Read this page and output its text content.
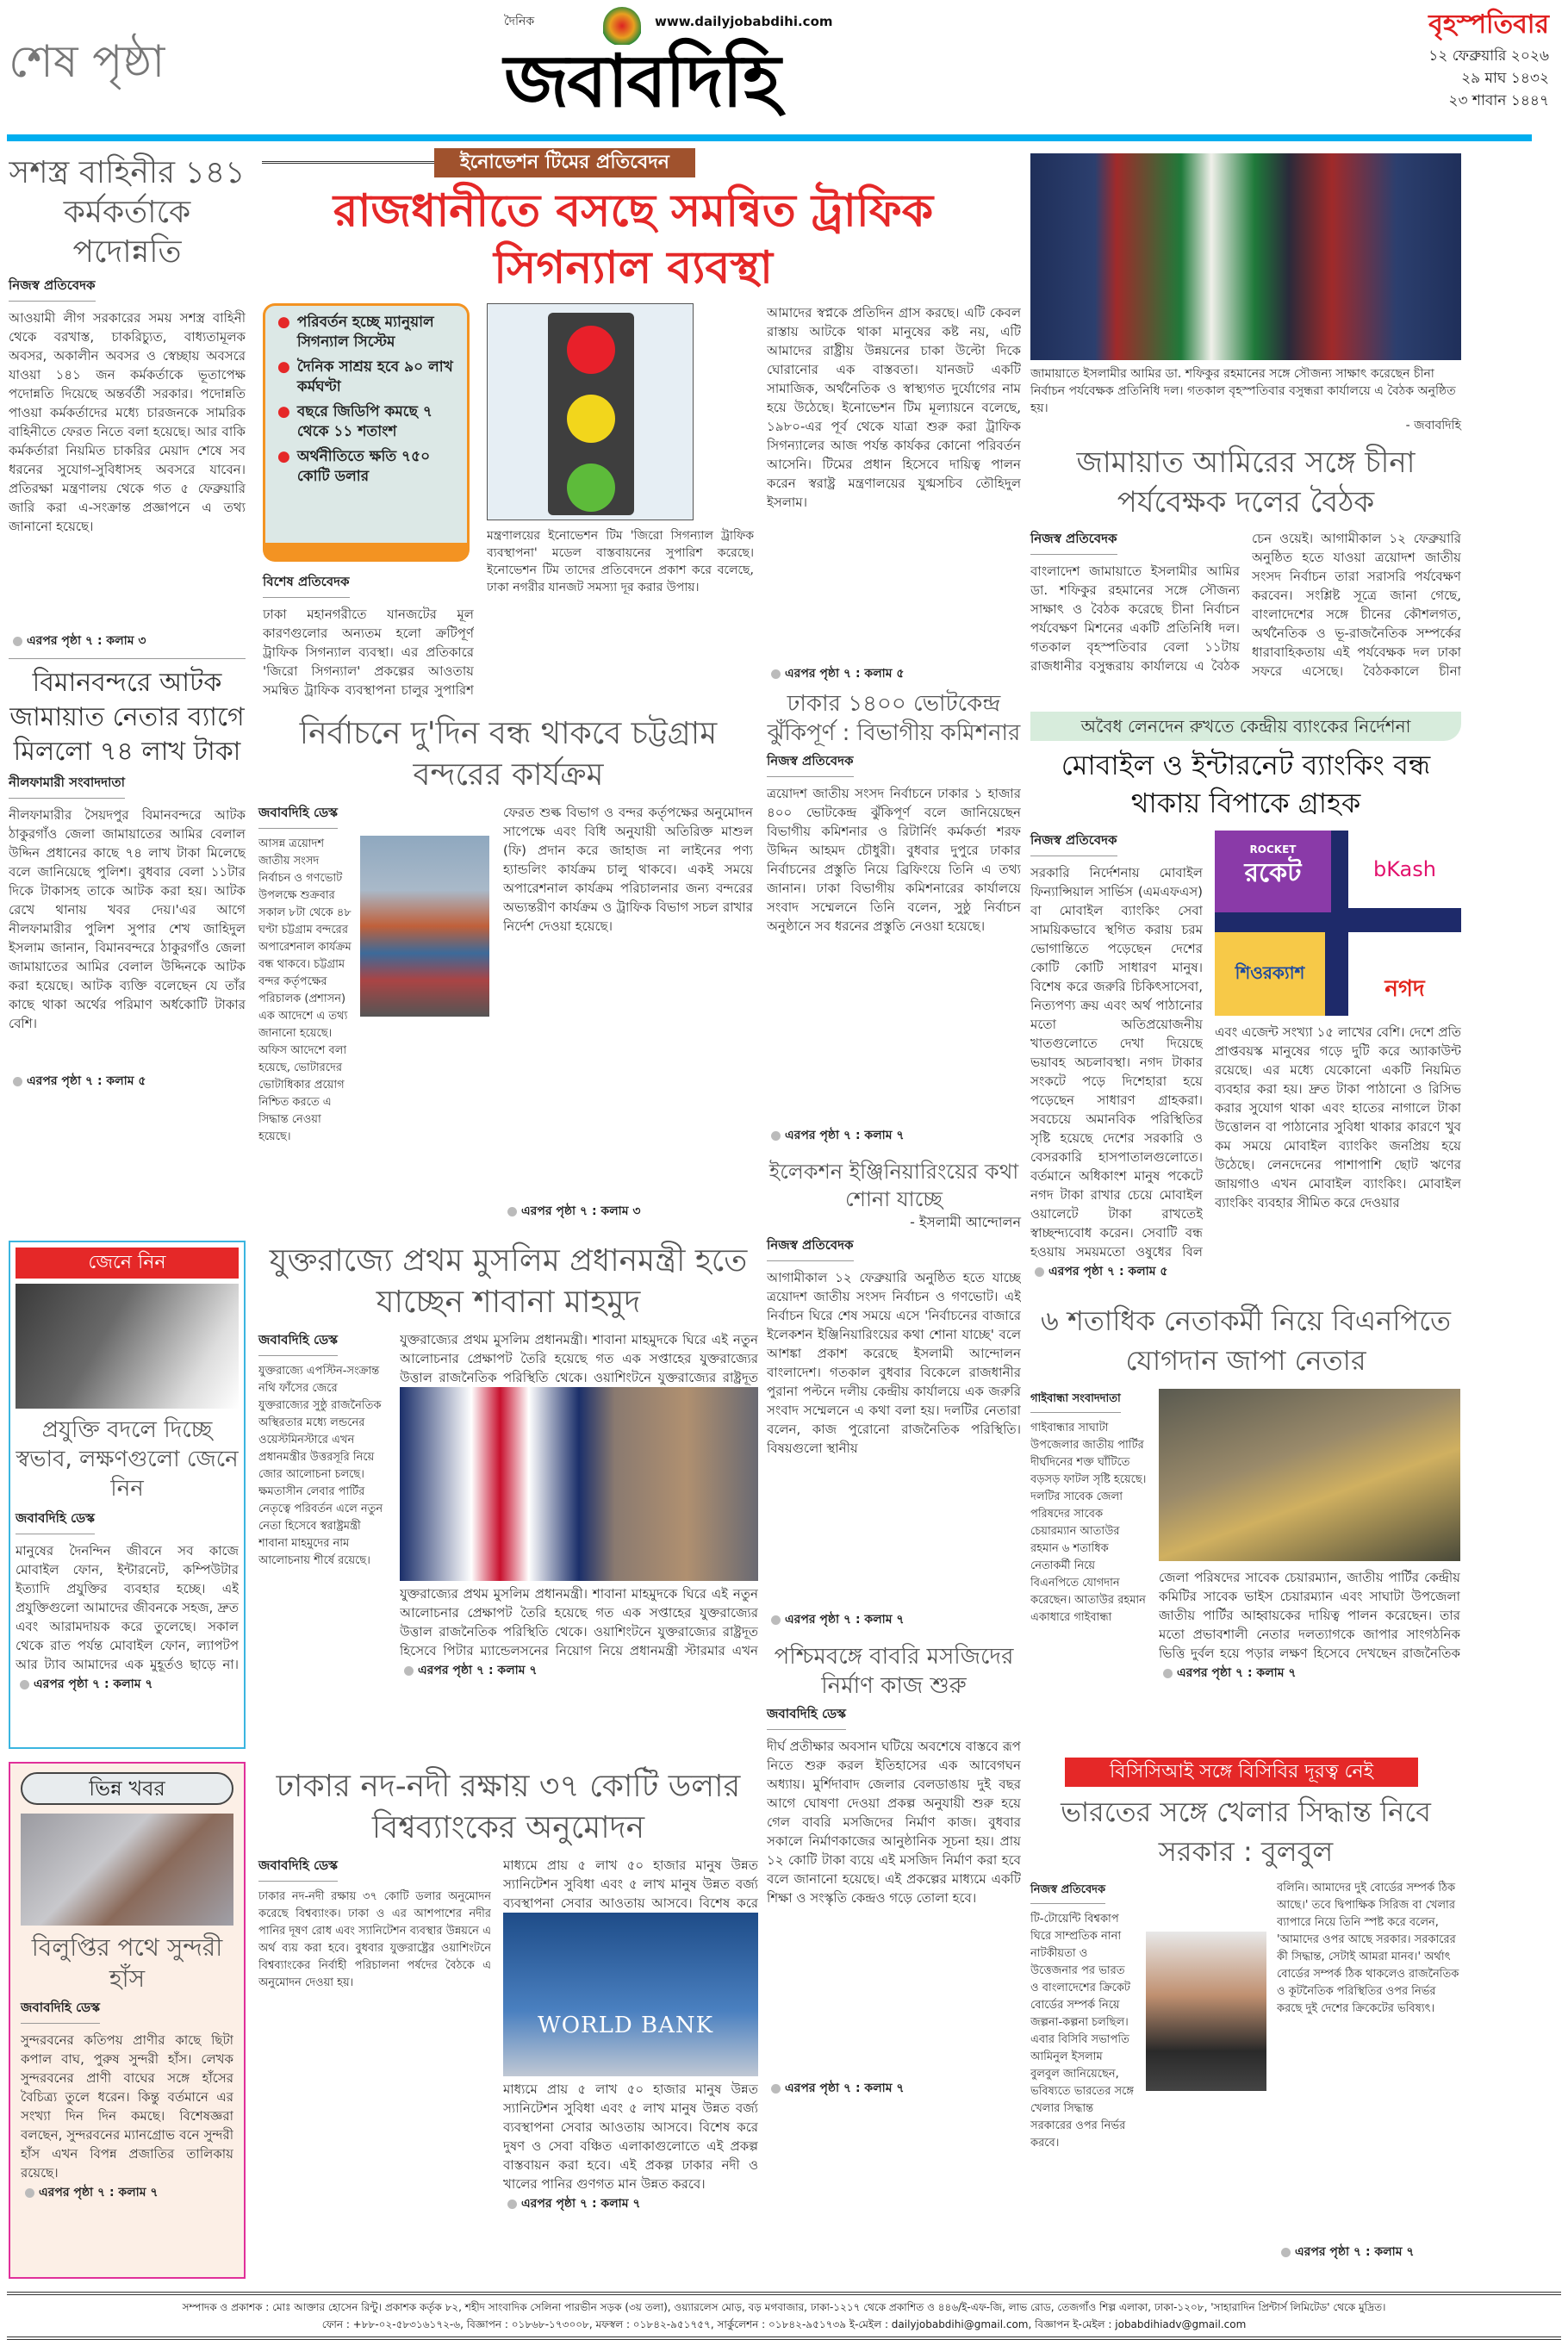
শেষ পৃষ্ঠা
দৈনিক	www.dailyjobabdihi.com
জবাবদিহি
বৃহস্পতিবার
১২ ফেব্রুয়ারি ২০২৬
২৯ মাঘ ১৪৩২
২৩ শাবান ১৪৪৭
সশস্ত্র বাহিনীর ১৪১ কর্মকর্তাকে পদোন্নতি
নিজস্ব প্রতিবেদক
আওয়ামী লীগ সরকারের সময় সশস্ত্র বাহিনী থেকে বরখাস্ত, চাকরিচ্যুত, বাধ্যতামূলক অবসর, অকালীন অবসর ও স্বেচ্ছায় অবসরে যাওয়া ১৪১ জন কর্মকর্তাকে ভূতাপেক্ষ পদোন্নতি দিয়েছে অন্তর্বর্তী সরকার। পদোন্নতি পাওয়া কর্মকর্তাদের মধ্যে চারজনকে সামরিক বাহিনীতে ফেরত নিতে বলা হয়েছে। আর বাকি কর্মকর্তারা নিয়মিত চাকরির মেয়াদ শেষে সব ধরনের সুযোগ-সুবিধাসহ অবসরে যাবেন। প্রতিরক্ষা মন্ত্রণালয় থেকে গত ৫ ফেব্রুয়ারি জারি করা এ-সংক্রান্ত প্রজ্ঞাপনে এ তথ্য জানানো হয়েছে।
এরপর পৃষ্ঠা ৭ : কলাম ৩
বিমানবন্দরে আটক জামায়াত নেতার ব্যাগে মিললো ৭৪ লাখ টাকা
নীলফামারী সংবাদদাতা
নীলফামারীর সৈয়দপুর বিমানবন্দরে আটক ঠাকুরগাঁও জেলা জামায়াতের আমির বেলাল উদ্দিন প্রধানের কাছে ৭৪ লাখ টাকা মিলেছে বলে জানিয়েছে পুলিশ। বুধবার বেলা ১১টার দিকে টাকাসহ তাকে আটক করা হয়। আটক রেখে থানায় খবর দেয়।'এর আগে নীলফামারীর পুলিশ সুপার শেখ জাহিদুল ইসলাম জানান, বিমানবন্দরে ঠাকুরগাঁও জেলা জামায়াতের আমির বেলাল উদ্দিনকে আটক করা হয়েছে। আটক ব্যক্তি বলেছেন যে তাঁর কাছে থাকা অর্থের পরিমাণ অর্ধকোটি টাকার বেশি।
এরপর পৃষ্ঠা ৭ : কলাম ৫
জেনে নিন
প্রযুক্তি বদলে দিচ্ছে স্বভাব, লক্ষণগুলো জেনে নিন
জবাবদিহি ডেস্ক
মানুষের দৈনন্দিন জীবনে সব কাজে মোবাইল ফোন, ইন্টারনেট, কম্পিউটার ইত্যাদি প্রযুক্তির ব্যবহার হচ্ছে। এই প্রযুক্তিগুলো আমাদের জীবনকে সহজ, দ্রুত এবং আরামদায়ক করে তুলেছে। সকাল থেকে রাত পর্যন্ত মোবাইল ফোন, ল্যাপটপ আর ট্যাব আমাদের এক মুহূর্তও ছাড়ে না।
এরপর পৃষ্ঠা ৭ : কলাম ৭
ভিন্ন খবর
বিলুপ্তির পথে সুন্দরী হাঁস
জবাবদিহি ডেস্ক
সুন্দরবনের কতিপয় প্রাণীর কাছে ছিটা কপাল বাঘ, পুরুষ সুন্দরী হাঁস। লেখক সুন্দরবনের প্রাণী বাঘের সঙ্গে হাঁসের বৈচিত্র্য তুলে ধরেন। কিন্তু বর্তমানে এর সংখ্যা দিন দিন কমছে। বিশেষজ্ঞরা বলছেন, সুন্দরবনের ম্যানগ্রোভ বনে সুন্দরী হাঁস এখন বিপন্ন প্রজাতির তালিকায় রয়েছে।
এরপর পৃষ্ঠা ৭ : কলাম ৭
ইনোভেশন টিমের প্রতিবেদন
রাজধানীতে বসছে সমন্বিত ট্রাফিক সিগন্যাল ব্যবস্থা
● পরিবর্তন হচ্ছে ম্যানুয়াল সিগন্যাল সিস্টেম
● দৈনিক সাশ্রয় হবে ৯০ লাখ কর্মঘণ্টা
● বছরে জিডিপি কমছে ৭ থেকে ১১ শতাংশ
● অর্থনীতিতে ক্ষতি ৭৫০ কোটি ডলার
বিশেষ প্রতিবেদক
ঢাকা মহানগরীতে যানজটের মূল কারণগুলোর অন্যতম হলো ক্রটিপূর্ণ ট্রাফিক সিগন্যাল ব্যবস্থা। এর প্রতিকারে 'জিরো সিগন্যাল' প্রকল্পের আওতায় সমন্বিত ট্রাফিক ব্যবস্থাপনা চালুর সুপারিশ
মন্ত্রণালয়ের ইনোভেশন টিম 'জিরো সিগন্যাল ট্রাফিক ব্যবস্থাপনা' মডেল বাস্তবায়নের সুপারিশ করেছে। ইনোভেশন টিম তাদের প্রতিবেদনে প্রকাশ করে বলেছে, ঢাকা নগরীর যানজট সমস্যা দূর করার উপায়।
আমাদের স্বপ্নকে প্রতিদিন গ্রাস করছে। এটি কেবল রাস্তায় আটকে থাকা মানুষের কষ্ট নয়, এটি আমাদের রাষ্ট্রীয় উন্নয়নের চাকা উল্টো দিকে ঘোরানোর এক বাস্তবতা। যানজট একটি সামাজিক, অর্থনৈতিক ও স্বাস্থ্যগত দুর্যোগের নাম হয়ে উঠেছে। ইনোভেশন টিম মূল্যায়নে বলেছে, ১৯৮০-এর পূর্ব থেকে যাত্রা শুরু করা ট্রাফিক সিগন্যালের আজ পর্যন্ত কার্যকর কোনো পরিবর্তন আসেনি। টিমের প্রধান হিসেবে দায়িত্ব পালন করেন স্বরাষ্ট্র মন্ত্রণালয়ের যুগ্মসচিব তৌহিদুল ইসলাম।
এরপর পৃষ্ঠা ৭ : কলাম ৫
নির্বাচনে দু'দিন বন্ধ থাকবে চট্টগ্রাম বন্দরের কার্যক্রম
জবাবদিহি ডেস্ক
আসন্ন ত্রয়োদশ জাতীয় সংসদ নির্বাচন ও গণভোট উপলক্ষে শুক্রবার সকাল ৮টা থেকে ৪৮ ঘণ্টা চট্টগ্রাম বন্দরের অপারেশনাল কার্যক্রম বন্ধ থাকবে। চট্টগ্রাম বন্দর কর্তৃপক্ষের পরিচালক (প্রশাসন) এক আদেশে এ তথ্য জানানো হয়েছে। অফিস আদেশে বলা হয়েছে, ভোটারদের ভোটাধিকার প্রয়োগ নিশ্চিত করতে এ সিদ্ধান্ত নেওয়া হয়েছে।
ফেরত শুল্ক বিভাগ ও বন্দর কর্তৃপক্ষের অনুমোদন সাপেক্ষে এবং বিধি অনুযায়ী অতিরিক্ত মাশুল (ফি) প্রদান করে জাহাজ না লাইনের পণ্য হ্যান্ডলিং কার্যক্রম চালু থাকবে। একই সময়ে অপারেশনাল কার্যক্রম পরিচালনার জন্য বন্দরের অভ্যন্তরীণ কার্যক্রম ও ট্রাফিক বিভাগ সচল রাখার নির্দেশ দেওয়া হয়েছে।
এরপর পৃষ্ঠা ৭ : কলাম ৩
যুক্তরাজ্যে প্রথম মুসলিম প্রধানমন্ত্রী হতে যাচ্ছেন শাবানা মাহমুদ
জবাবদিহি ডেস্ক
যুক্তরাজ্যে এপস্টিন-সংক্রান্ত নথি ফাঁসের জেরে যুক্তরাজ্যের সুষ্ঠু রাজনৈতিক অস্থিরতার মধ্যে লন্ডনের ওয়েস্টমিনস্টারে এখন প্রধানমন্ত্রীর উত্তরসূরি নিয়ে জোর আলোচনা চলছে। ক্ষমতাসীন লেবার পার্টির নেতৃত্বে পরিবর্তন এলে নতুন নেতা হিসেবে স্বরাষ্ট্রমন্ত্রী শাবানা মাহমুদের নাম আলোচনায় শীর্ষে রয়েছে।
যুক্তরাজ্যের প্রথম মুসলিম প্রধানমন্ত্রী। শাবানা মাহমুদকে ঘিরে এই নতুন আলোচনার প্রেক্ষাপট তৈরি হয়েছে গত এক সপ্তাহের যুক্তরাজ্যের উত্তাল রাজনৈতিক পরিস্থিতি থেকে। ওয়াশিংটনে যুক্তরাজ্যের রাষ্ট্রদূত
যুক্তরাজ্যের প্রথম মুসলিম প্রধানমন্ত্রী। শাবানা মাহমুদকে ঘিরে এই নতুন আলোচনার প্রেক্ষাপট তৈরি হয়েছে গত এক সপ্তাহের যুক্তরাজ্যের উত্তাল রাজনৈতিক পরিস্থিতি থেকে। ওয়াশিংটনে যুক্তরাজ্যের রাষ্ট্রদূত হিসেবে পিটার ম্যান্ডেলসনের নিয়োগ নিয়ে প্রধানমন্ত্রী স্টারমার এখন
এরপর পৃষ্ঠা ৭ : কলাম ৭
ঢাকার নদ-নদী রক্ষায় ৩৭ কোটি ডলার বিশ্বব্যাংকের অনুমোদন
জবাবদিহি ডেস্ক
ঢাকার নদ-নদী রক্ষায় ৩৭ কোটি ডলার অনুমোদন করেছে বিশ্বব্যাংক। ঢাকা ও এর আশপাশের নদীর পানির দূষণ রোধ এবং স্যানিটেশন ব্যবস্থার উন্নয়নে এ অর্থ ব্যয় করা হবে। বুধবার যুক্তরাষ্ট্রের ওয়াশিংটনে বিশ্বব্যাংকের নির্বাহী পরিচালনা পর্ষদের বৈঠকে এ অনুমোদন দেওয়া হয়।
মাধ্যমে প্রায় ৫ লাখ ৫০ হাজার মানুষ উন্নত স্যানিটেশন সুবিধা এবং ৫ লাখ মানুষ উন্নত বর্জ্য ব্যবস্থাপনা সেবার আওতায় আসবে। বিশেষ করে
WORLD BANK
মাধ্যমে প্রায় ৫ লাখ ৫০ হাজার মানুষ উন্নত স্যানিটেশন সুবিধা এবং ৫ লাখ মানুষ উন্নত বর্জ্য ব্যবস্থাপনা সেবার আওতায় আসবে। বিশেষ করে দুষণ ও সেবা বঞ্চিত এলাকাগুলোতে এই প্রকল্প বাস্তবায়ন করা হবে। এই প্রকল্প ঢাকার নদী ও খালের পানির গুণগত মান উন্নত করবে।
এরপর পৃষ্ঠা ৭ : কলাম ৭
ঢাকার ১৪০০ ভোটকেন্দ্র ঝুঁকিপূর্ণ : বিভাগীয় কমিশনার
নিজস্ব প্রতিবেদক
ত্রয়োদশ জাতীয় সংসদ নির্বাচনে ঢাকার ১ হাজার ৪০০ ভোটকেন্দ্র ঝুঁকিপূর্ণ বলে জানিয়েছেন বিভাগীয় কমিশনার ও রিটার্নিং কর্মকর্তা শরফ উদ্দিন আহমদ চৌধুরী। বুধবার দুপুরে ঢাকার নির্বাচনের প্রস্তুতি নিয়ে ব্রিফিংয়ে তিনি এ তথ্য জানান। ঢাকা বিভাগীয় কমিশনারের কার্যালয়ে সংবাদ সম্মেলনে তিনি বলেন, সুষ্ঠু নির্বাচন অনুষ্ঠানে সব ধরনের প্রস্তুতি নেওয়া হয়েছে।
এরপর পৃষ্ঠা ৭ : কলাম ৭
ইলেকশন ইঞ্জিনিয়ারিংয়ের কথা শোনা যাচ্ছে
- ইসলামী আন্দোলন
নিজস্ব প্রতিবেদক
আগামীকাল ১২ ফেব্রুয়ারি অনুষ্ঠিত হতে যাচ্ছে ত্রয়োদশ জাতীয় সংসদ নির্বাচন ও গণভোট। এই নির্বাচন ঘিরে শেষ সময়ে এসে 'নির্বাচনের বাজারে ইলেকশন ইঞ্জিনিয়ারিংয়ের কথা শোনা যাচ্ছে' বলে আশঙ্কা প্রকাশ করেছে ইসলামী আন্দোলন বাংলাদেশ। গতকাল বুধবার বিকেলে রাজধানীর পুরানা পল্টনে দলীয় কেন্দ্রীয় কার্যালয়ে এক জরুরি সংবাদ সম্মেলনে এ কথা বলা হয়। দলটির নেতারা বলেন, কাজ পুরোনো রাজনৈতিক পরিস্থিতি। বিষয়গুলো স্থানীয়
এরপর পৃষ্ঠা ৭ : কলাম ৭
পশ্চিমবঙ্গে বাবরি মসজিদের নির্মাণ কাজ শুরু
জবাবদিহি ডেস্ক
দীর্ঘ প্রতীক্ষার অবসান ঘটিয়ে অবশেষে বাস্তবে রূপ নিতে শুরু করল ইতিহাসের এক আবেগঘন অধ্যায়। মুর্শিদাবাদ জেলার বেলডাঙায় দুই বছর আগে ঘোষণা দেওয়া প্রকল্প অনুযায়ী শুরু হয়ে গেল বাবরি মসজিদের নির্মাণ কাজ। বুধবার সকালে নির্মাণকাজের আনুষ্ঠানিক সূচনা হয়। প্রায় ১২ কোটি টাকা ব্যয়ে এই মসজিদ নির্মাণ করা হবে বলে জানানো হয়েছে। এই প্রকল্পের মাধ্যমে একটি শিক্ষা ও সংস্কৃতি কেন্দ্রও গড়ে তোলা হবে।
এরপর পৃষ্ঠা ৭ : কলাম ৭
জামায়াতে ইসলামীর আমির ডা. শফিকুর রহমানের সঙ্গে সৌজন্য সাক্ষাৎ করেছেন চীনা নির্বাচন পর্যবেক্ষক প্রতিনিধি দল। গতকাল বৃহস্পতিবার বসুন্ধরা কার্যালয়ে এ বৈঠক অনুষ্ঠিত হয়।
- জবাবদিহি
জামায়াত আমিরের সঙ্গে চীনা পর্যবেক্ষক দলের বৈঠক
নিজস্ব প্রতিবেদক
বাংলাদেশ জামায়াতে ইসলামীর আমির ডা. শফিকুর রহমানের সঙ্গে সৌজন্য সাক্ষাৎ ও বৈঠক করেছে চীনা নির্বাচন পর্যবেক্ষণ মিশনের একটি প্রতিনিধি দল। গতকাল বৃহস্পতিবার বেলা ১১টায় রাজধানীর বসুন্ধরায় কার্যালয়ে এ বৈঠক
চেন ওয়েই। আগামীকাল ১২ ফেব্রুয়ারি অনুষ্ঠিত হতে যাওয়া ত্রয়োদশ জাতীয় সংসদ নির্বাচন তারা সরাসরি পর্যবেক্ষণ করবেন। সংশ্লিষ্ট সূত্রে জানা গেছে, বাংলাদেশের সঙ্গে চীনের কৌশলগত, অর্থনৈতিক ও ভূ-রাজনৈতিক সম্পর্কের ধারাবাহিকতায় এই পর্যবেক্ষক দল ঢাকা সফরে এসেছে। বৈঠককালে চীনা
অবৈধ লেনদেন রুখতে কেন্দ্রীয় ব্যাংকের নির্দেশনা
মোবাইল ও ইন্টারনেট ব্যাংকিং বন্ধ থাকায় বিপাকে গ্রাহক
নিজস্ব প্রতিবেদক
সরকারি নির্দেশনায় মোবাইল ফিন্যান্সিয়াল সার্ভিস (এমএফএস) বা মোবাইল ব্যাংকিং সেবা সাময়িকভাবে স্থগিত করায় চরম ভোগান্তিতে পড়েছেন দেশের কোটি কোটি সাধারণ মানুষ। বিশেষ করে জরুরি চিকিৎসাসেবা, নিত্যপণ্য ক্রয় এবং অর্থ পাঠানোর মতো অতিপ্রয়োজনীয় খাতগুলোতে দেখা দিয়েছে ভয়াবহ অচলাবস্থা। নগদ টাকার সংকটে পড়ে দিশেহারা হয়ে পড়েছেন সাধারণ গ্রাহকরা। সবচেয়ে অমানবিক পরিস্থিতির সৃষ্টি হয়েছে দেশের সরকারি ও বেসরকারি হাসপাতালগুলোতে। বর্তমানে অধিকাংশ মানুষ পকেটে নগদ টাকা রাখার চেয়ে মোবাইল ওয়ালেটে টাকা রাখতেই স্বাচ্ছন্দ্যবোধ করেন। সেবাটি বন্ধ হওয়ায় সময়মতো ওষুধের বিল
এরপর পৃষ্ঠা ৭ : কলাম ৫
ROCKET
রকেট	bKash
শিওরক্যাশ
নগদ
এবং এজেন্ট সংখ্যা ১৫ লাখের বেশি। দেশে প্রতি প্রাপ্তবয়স্ক মানুষের গড়ে দুটি করে অ্যাকাউন্ট রয়েছে। এর মধ্যে যেকোনো একটি নিয়মিত ব্যবহার করা হয়। দ্রুত টাকা পাঠানো ও রিসিভ করার সুযোগ থাকা এবং হাতের নাগালে টাকা উত্তোলন বা পাঠানোর সুবিধা থাকার কারণে খুব কম সময়ে মোবাইল ব্যাংকিং জনপ্রিয় হয়ে উঠেছে। লেনদেনের পাশাপাশি ছোট ঋণের জায়গাও এখন মোবাইল ব্যাংকিং। মোবাইল ব্যাংকিং ব্যবহার সীমিত করে দেওয়ার
৬ শতাধিক নেতাকর্মী নিয়ে বিএনপিতে যোগদান জাপা নেতার
গাইবান্ধা সংবাদদাতা
গাইবান্ধার সাঘাটা উপজেলার জাতীয় পার্টির দীর্ঘদিনের শক্ত ঘাঁটিতে বড়সড় ফাটল সৃষ্টি হয়েছে। দলটির সাবেক জেলা পরিষদের সাবেক চেয়ারম্যান আতাউর রহমান ৬ শতাধিক নেতাকর্মী নিয়ে বিএনপিতে যোগদান করেছেন। আতাউর রহমান একাধারে গাইবান্ধা
জেলা পরিষদের সাবেক চেয়ারম্যান, জাতীয় পার্টির কেন্দ্রীয় কমিটির সাবেক ভাইস চেয়ারম্যান এবং সাঘাটা উপজেলা জাতীয় পার্টির আহ্বায়কের দায়িত্ব পালন করেছেন। তার মতো প্রভাবশালী নেতার দলত্যাগকে জাপার সাংগঠনিক ভিত্তি দুর্বল হয়ে পড়ার লক্ষণ হিসেবে দেখছেন রাজনৈতিক
এরপর পৃষ্ঠা ৭ : কলাম ৭
বিসিসিআই সঙ্গে বিসিবির দূরত্ব নেই
ভারতের সঙ্গে খেলার সিদ্ধান্ত নিবে সরকার : বুলবুল
নিজস্ব প্রতিবেদক
টি-টোয়েন্টি বিশ্বকাপ ঘিরে সাম্প্রতিক নানা নাটকীয়তা ও উত্তেজনার পর ভারত ও বাংলাদেশের ক্রিকেট বোর্ডের সম্পর্ক নিয়ে জল্পনা-কল্পনা চলছিল। এবার বিসিবি সভাপতি আমিনুল ইসলাম বুলবুল জানিয়েছেন, ভবিষ্যতে ভারতের সঙ্গে খেলার সিদ্ধান্ত সরকারের ওপর নির্ভর করবে।
বলিনি। আমাদের দুই বোর্ডের সম্পর্ক ঠিক আছে।' তবে দ্বিপাক্ষিক সিরিজ বা খেলার ব্যাপারে নিয়ে তিনি স্পষ্ট করে বলেন, 'আমাদের ওপর আছে সরকার। সরকারের কী সিদ্ধান্ত, সেটাই আমরা মানব।' অর্থাৎ বোর্ডের সম্পর্ক ঠিক থাকলেও রাজনৈতিক ও কূটনৈতিক পরিস্থিতির ওপর নির্ভর করছে দুই দেশের ক্রিকেটের ভবিষ্যৎ।
এরপর পৃষ্ঠা ৭ : কলাম ৭
সম্পাদক ও প্রকাশক : মোঃ আক্তার হোসেন রিন্টু। প্রকাশক কর্তৃক ৮২, শহীদ সাংবাদিক সেলিনা পারভীন সড়ক (৩য় তলা), ওয়্যারলেস মোড়, বড় মগবাজার, ঢাকা-১২১৭ থেকে প্রকাশিত ও ৪৪৬/ই-এফ-জি, লাভ রোড, তেজগাঁও শিল্প এলাকা, ঢাকা-১২০৮, 'সাহারাদিন প্রিন্টার্স লিমিটেড' থেকে মুদ্রিত।
ফোন : +৮৮-০২-৫৮৩১৬১৭২-৬, বিজ্ঞাপন : ০১৮৬৮-১৭৩০০৮, মফস্বল : ০১৮৪২-৯৫১৭৫৭, সার্কুলেশন : ০১৮৪২-৯৫১৭৩৯ ই-মেইল : dailyjobabdihi@gmail.com, বিজ্ঞাপন ই-মেইল : jobabdihiadv@gmail.com
